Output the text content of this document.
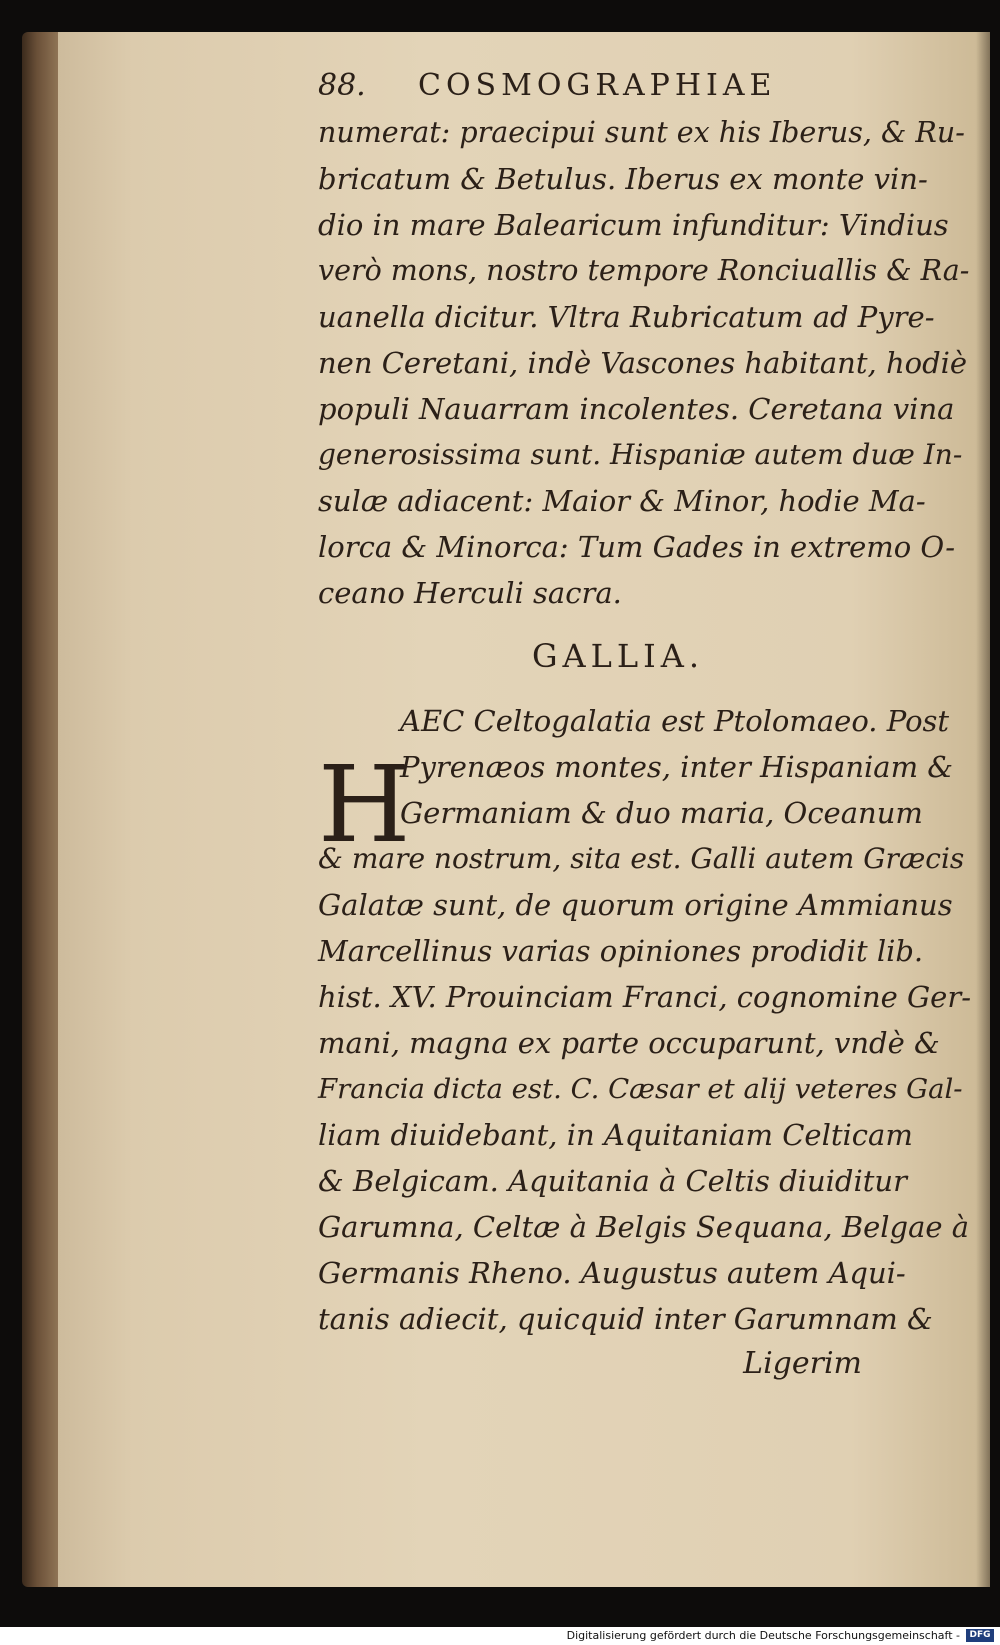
88.	COSMOGRAPHIAE
numerat: praecipui sunt ex his Iberus, & Ru-
bricatum & Betulus. Iberus ex monte vin-
dio in mare Balearicum infunditur: Vindius
verò mons, nostro tempore Ronciuallis & Ra-
uanella dicitur. Vltra Rubricatum ad Pyre-
nen Ceretani, indè Vascones habitant, hodiè
populi Nauarram incolentes. Ceretana vina
generosissima sunt. Hispaniæ autem duæ In-
sulæ adiacent: Maior & Minor, hodie Ma-
lorca & Minorca: Tum Gades in extremo O-
ceano Herculi sacra.
GALLIA.
AEC Celtogalatia est Ptolomaeo. Post
Pyrenæos montes, inter Hispaniam &
Germaniam & duo maria, Oceanum
& mare nostrum, sita est. Galli autem Græcis
Galatæ sunt, de quorum origine Ammianus
Marcellinus varias opiniones prodidit lib.
hist. XV. Prouinciam Franci, cognomine Ger-
mani, magna ex parte occuparunt, vndè &
Francia dicta est. C. Cæsar et alij veteres Gal-
liam diuidebant, in Aquitaniam Celticam
& Belgicam. Aquitania à Celtis diuiditur
Garumna, Celtæ à Belgis Sequana, Belgae à
Germanis Rheno. Augustus autem Aqui-
tanis adiecit, quicquid inter Garumnam &
Ligerim
H
Digitalisierung gefördert durch die Deutsche Forschungsgemeinschaft -	DFG
